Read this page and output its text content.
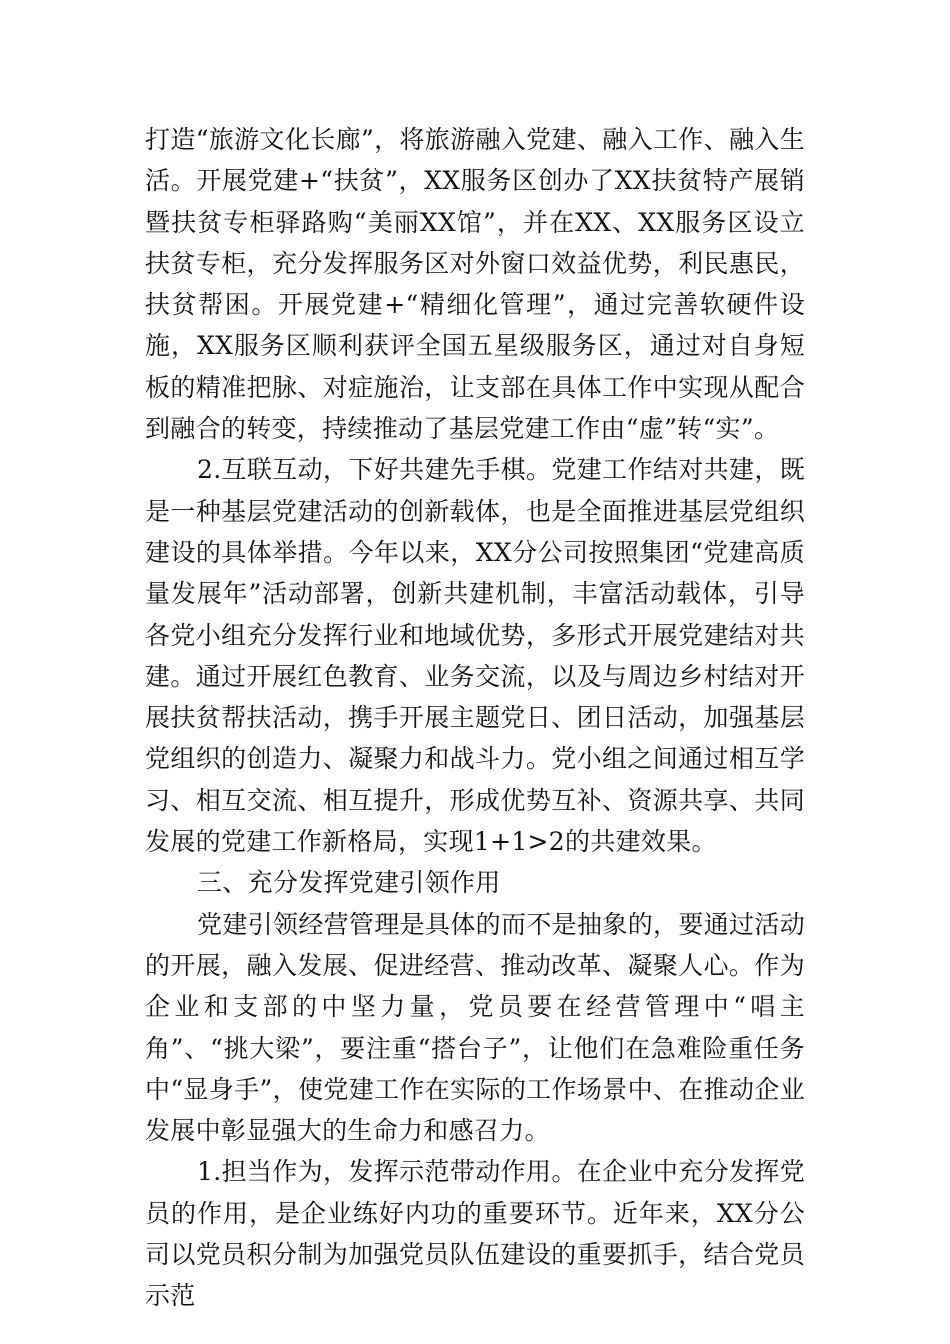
打造“旅游文化长廊”，将旅游融入党建、融入工作、融入生活。开展党建+“扶贫”，XX服务区创办了XX扶贫特产展销暨扶贫专柜驿路购“美丽XX馆”，并在XX、XX服务区设立扶贫专柜，充分发挥服务区对外窗口效益优势，利民惠民，扶贫帮困。开展党建+“精细化管理”，通过完善软硬件设施，XX服务区顺利获评全国五星级服务区，通过对自身短板的精准把脉、对症施治，让支部在具体工作中实现从配合到融合的转变，持续推动了基层党建工作由“虚”转“实”。

2.互联互动，下好共建先手棋。党建工作结对共建，既是一种基层党建活动的创新载体，也是全面推进基层党组织建设的具体举措。今年以来，XX分公司按照集团“党建高质量发展年”活动部署，创新共建机制，丰富活动载体，引导各党小组充分发挥行业和地域优势，多形式开展党建结对共建。通过开展红色教育、业务交流，以及与周边乡村结对开展扶贫帮扶活动，携手开展主题党日、团日活动，加强基层党组织的创造力、凝聚力和战斗力。党小组之间通过相互学习、相互交流、相互提升，形成优势互补、资源共享、共同发展的党建工作新格局，实现1+1>2的共建效果。

三、充分发挥党建引领作用

党建引领经营管理是具体的而不是抽象的，要通过活动的开展，融入发展、促进经营、推动改革、凝聚人心。作为企业和支部的中坚力量，党员要在经营管理中“唱主角”、“挑大梁”，要注重“搭台子”，让他们在急难险重任务中“显身手”，使党建工作在实际的工作场景中、在推动企业发展中彰显强大的生命力和感召力。

1.担当作为，发挥示范带动作用。在企业中充分发挥党员的作用，是企业练好内功的重要环节。近年来，XX分公司以党员积分制为加强党员队伍建设的重要抓手，结合党员示范
